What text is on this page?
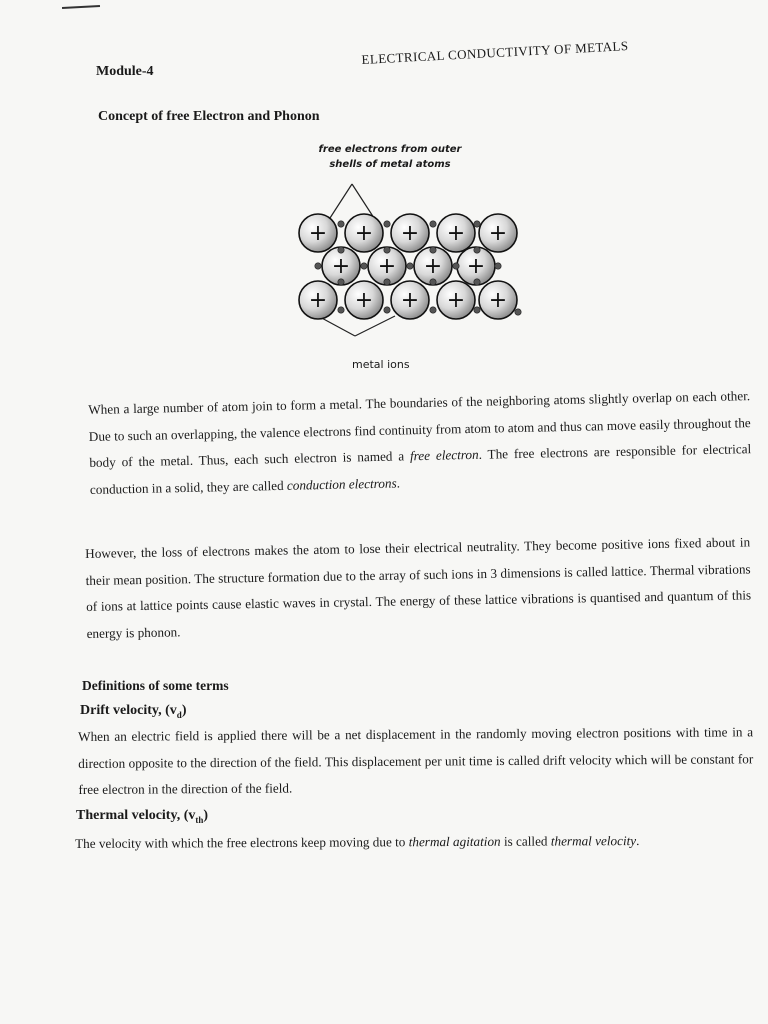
Module-4
ELECTRICAL CONDUCTIVITY OF METALS
Concept of free Electron and Phonon
free electrons from outer
shells of metal atoms
+ + + + +
+ + + +
+ + + + +
metal ions
When a large number of atom join to form a metal. The boundaries of the neighboring atoms slightly overlap on each other. Due to such an overlapping, the valence electrons find continuity from atom to atom and thus can move easily throughout the body of the metal. Thus, each such electron is named a free electron. The free electrons are responsible for electrical conduction in a solid, they are called conduction electrons.
However, the loss of electrons makes the atom to lose their electrical neutrality. They become positive ions fixed about in their mean position. The structure formation due to the array of such ions in 3 dimensions is called lattice. Thermal vibrations of ions at lattice points cause elastic waves in crystal. The energy of these lattice vibrations is quantised and quantum of this energy is phonon.
Definitions of some terms
Drift velocity, $(v_d)$
When an electric field is applied there will be a net displacement in the randomly moving electron positions with time in a direction opposite to the direction of the field. This displacement per unit time is called drift velocity which will be constant for free electron in the direction of the field.
Thermal velocity, $(v_{th})$
The velocity with which the free electrons keep moving due to thermal agitation is called thermal velocity.
